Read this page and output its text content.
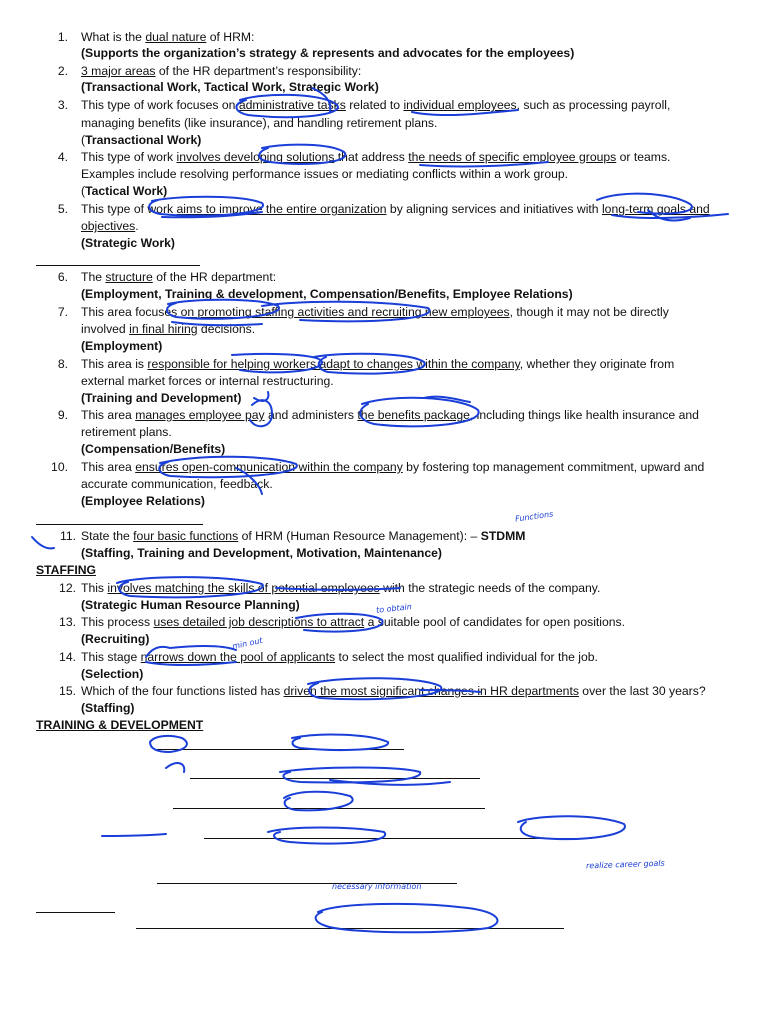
1. What is the dual nature of HRM:
(Supports the organization’s strategy & represents and advocates for the employees)
2. 3 major areas of the HR department’s responsibility:
(Transactional Work, Tactical Work, Strategic Work)
3. This type of work focuses on administrative tasks related to individual employees, such as processing payroll,
managing benefits (like insurance), and handling retirement plans.
(Transactional Work)
4. This type of work involves developing solutions that address the needs of specific employee groups or teams.
Examples include resolving performance issues or mediating conflicts within a work group.
(Tactical Work)
5. This type of work aims to improve the entire organization by aligning services and initiatives with long-term goals and
objectives.
(Strategic Work)
6. The structure of the HR department:
(Employment, Training & development, Compensation/Benefits, Employee Relations)
7. This area focuses on promoting staffing activities and recruiting new employees, though it may not be directly
involved in final hiring decisions.
(Employment)
8. This area is responsible for helping workers adapt to changes within the company, whether they originate from
external market forces or internal restructuring.
(Training and Development)
9. This area manages employee pay and administers the benefits package, including things like health insurance and
retirement plans.
(Compensation/Benefits)
10. This area ensures open-communication within the company by fostering top management commitment, upward and
accurate communication, feedback.
(Employee Relations)
11. State the four basic functions of HRM (Human Resource Management): – STDMM
(Staffing, Training and Development, Motivation, Maintenance)
STAFFING
12. This involves matching the skills of potential employees with the strategic needs of the company.
(Strategic Human Resource Planning)
13. This process uses detailed job descriptions to attract a suitable pool of candidates for open positions.
(Recruiting)
14. This stage narrows down the pool of applicants to select the most qualified individual for the job.
(Selection)
15. Which of the four functions listed has driven the most significant changes in HR departments over the last 30 years?
(Staffing)
TRAINING & DEVELOPMENT
Functions
to obtain
min out
realize career goals
necessary information
